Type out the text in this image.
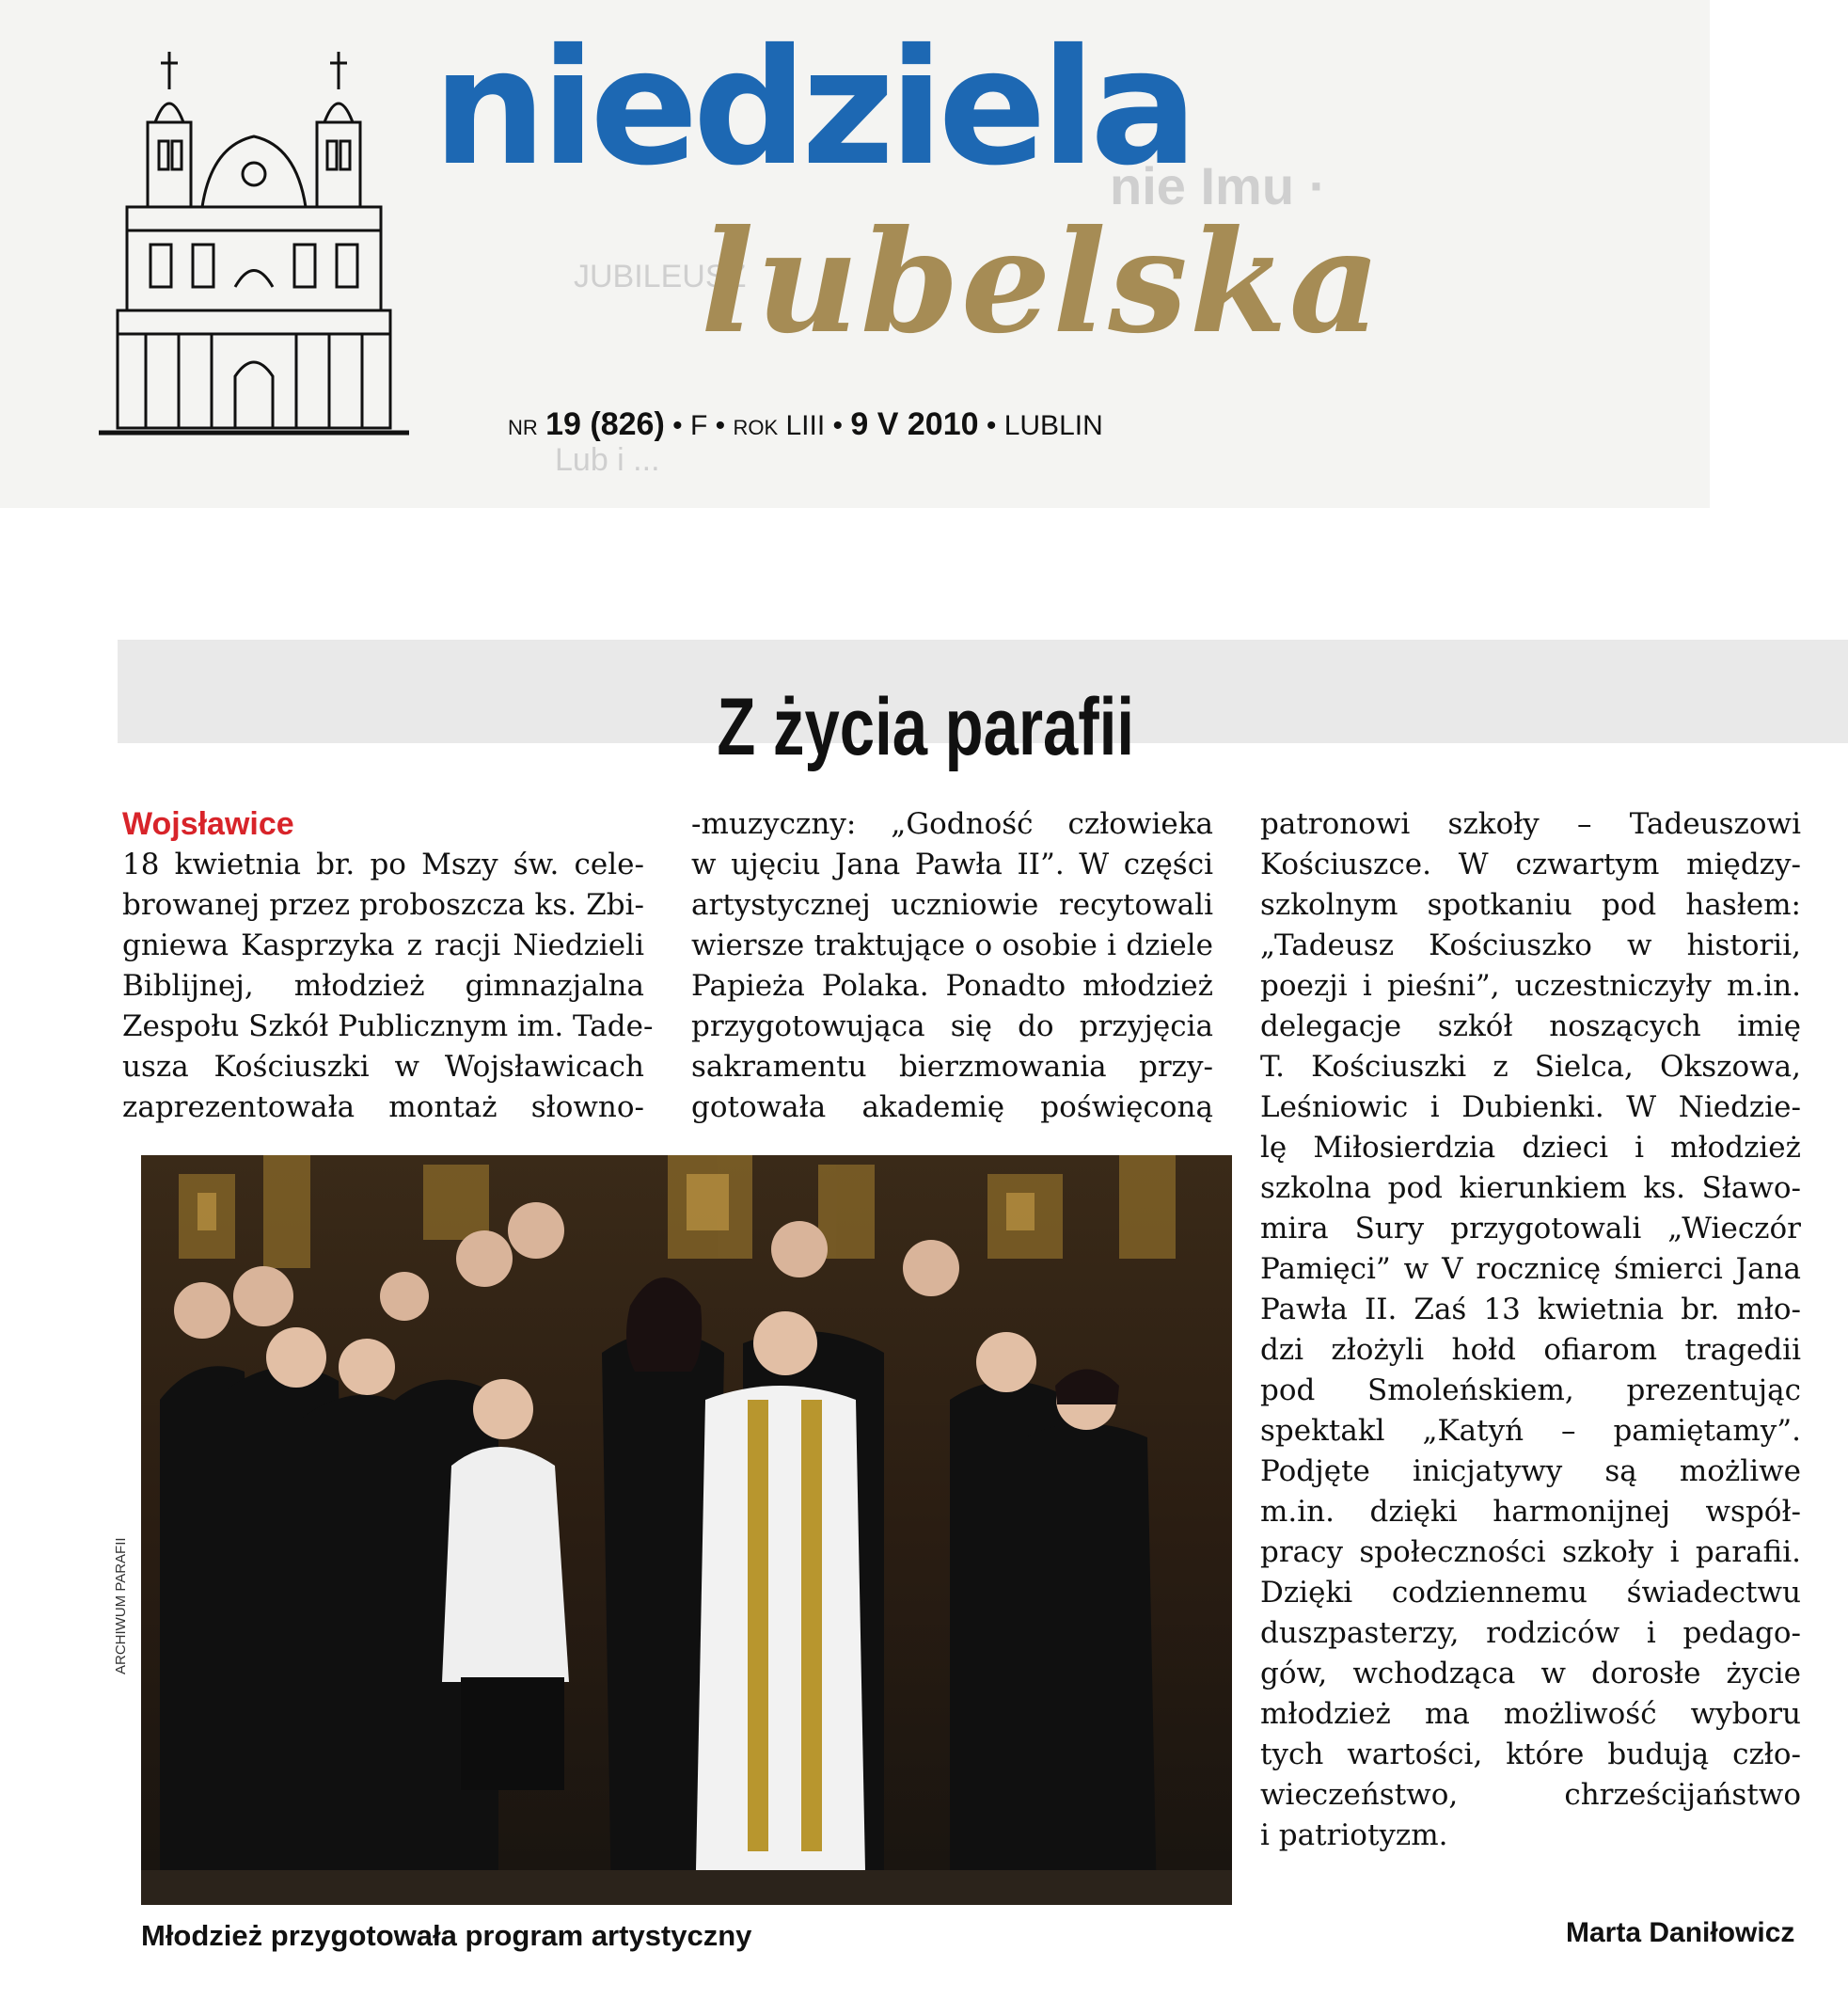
nie Imu ·
JUBILEUSZ
Lub i ...
niedziela
lubelska
NR 19 (826) • F • ROK LIII • 9 V 2010 • LUBLIN
Z życia parafii
Wojsławice
18 kwietnia br. po Mszy św. cele-
browanej przez proboszcza ks. Zbi-
gniewa Kasprzyka z racji Niedzieli
Biblijnej, młodzież gimnazjalna
Zespołu Szkół Publicznym im. Tade-
usza Kościuszki w Wojsławicach
zaprezentowała montaż słowno-
-muzyczny: „Godność człowieka
w ujęciu Jana Pawła II”. W części
artystycznej uczniowie recytowali
wiersze traktujące o osobie i dziele
Papieża Polaka. Ponadto młodzież
przygotowująca się do przyjęcia
sakramentu bierzmowania przy-
gotowała akademię poświęconą
patronowi szkoły – Tadeuszowi
Kościuszce. W czwartym między-
szkolnym spotkaniu pod hasłem:
„Tadeusz Kościuszko w historii,
poezji i pieśni”, uczestniczyły m.in.
delegacje szkół noszących imię
T. Kościuszki z Sielca, Okszowa,
Leśniowic i Dubienki. W Niedzie-
lę Miłosierdzia dzieci i młodzież
szkolna pod kierunkiem ks. Sławo-
mira Sury przygotowali „Wieczór
Pamięci” w V rocznicę śmierci Jana
Pawła II. Zaś 13 kwietnia br. mło-
dzi złożyli hołd ofiarom tragedii
pod Smoleńskiem, prezentując
spektakl „Katyń – pamiętamy”.
Podjęte inicjatywy są możliwe
m.in. dzięki harmonijnej współ-
pracy społeczności szkoły i parafii.
Dzięki codziennemu świadectwu
duszpasterzy, rodziców i pedago-
gów, wchodząca w dorosłe życie
młodzież ma możliwość wyboru
tych wartości, które budują czło-
wieczeństwo, chrześcijaństwo
i patriotyzm.
ARCHIWUM PARAFII
Młodzież przygotowała program artystyczny	Marta Daniłowicz
